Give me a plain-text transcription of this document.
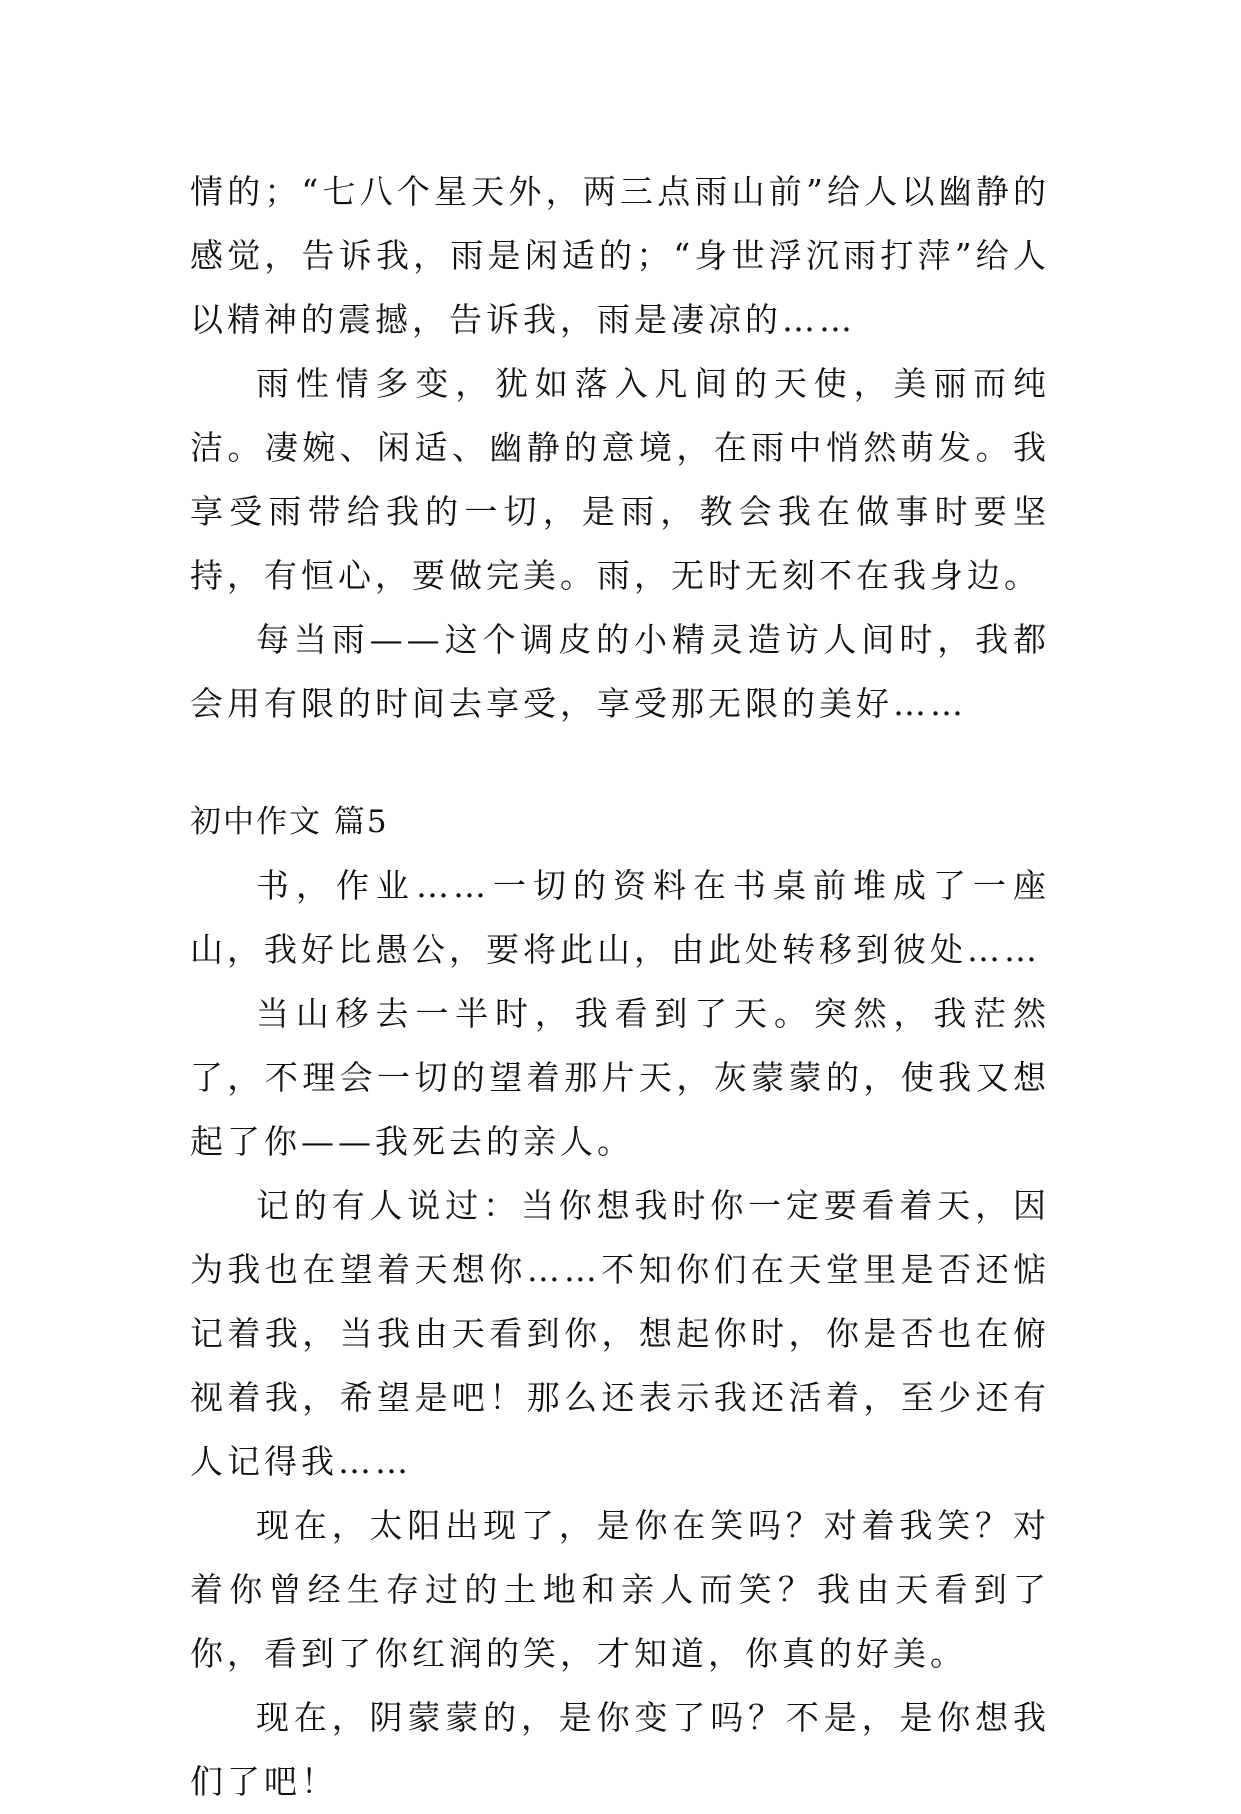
情的；“七八个星天外，两三点雨山前”给人以幽静的感觉，告诉我，雨是闲适的；“身世浮沉雨打萍”给人以精神的震撼，告诉我，雨是凄凉的……

雨性情多变，犹如落入凡间的天使，美丽而纯洁。凄婉、闲适、幽静的意境，在雨中悄然萌发。我享受雨带给我的一切，是雨，教会我在做事时要坚持，有恒心，要做完美。雨，无时无刻不在我身边。

每当雨——这个调皮的小精灵造访人间时，我都会用有限的时间去享受，享受那无限的美好……

初中作文 篇5

书，作业……一切的资料在书桌前堆成了一座山，我好比愚公，要将此山，由此处转移到彼处……

当山移去一半时，我看到了天。突然，我茫然了，不理会一切的望着那片天，灰蒙蒙的，使我又想起了你——我死去的亲人。

记的有人说过：当你想我时你一定要看着天，因为我也在望着天想你……不知你们在天堂里是否还惦记着我，当我由天看到你，想起你时，你是否也在俯视着我，希望是吧！那么还表示我还活着，至少还有人记得我……

现在，太阳出现了，是你在笑吗？对着我笑？对着你曾经生存过的土地和亲人而笑？我由天看到了你，看到了你红润的笑，才知道，你真的好美。

现在，阴蒙蒙的，是你变了吗？不是，是你想我们了吧！
